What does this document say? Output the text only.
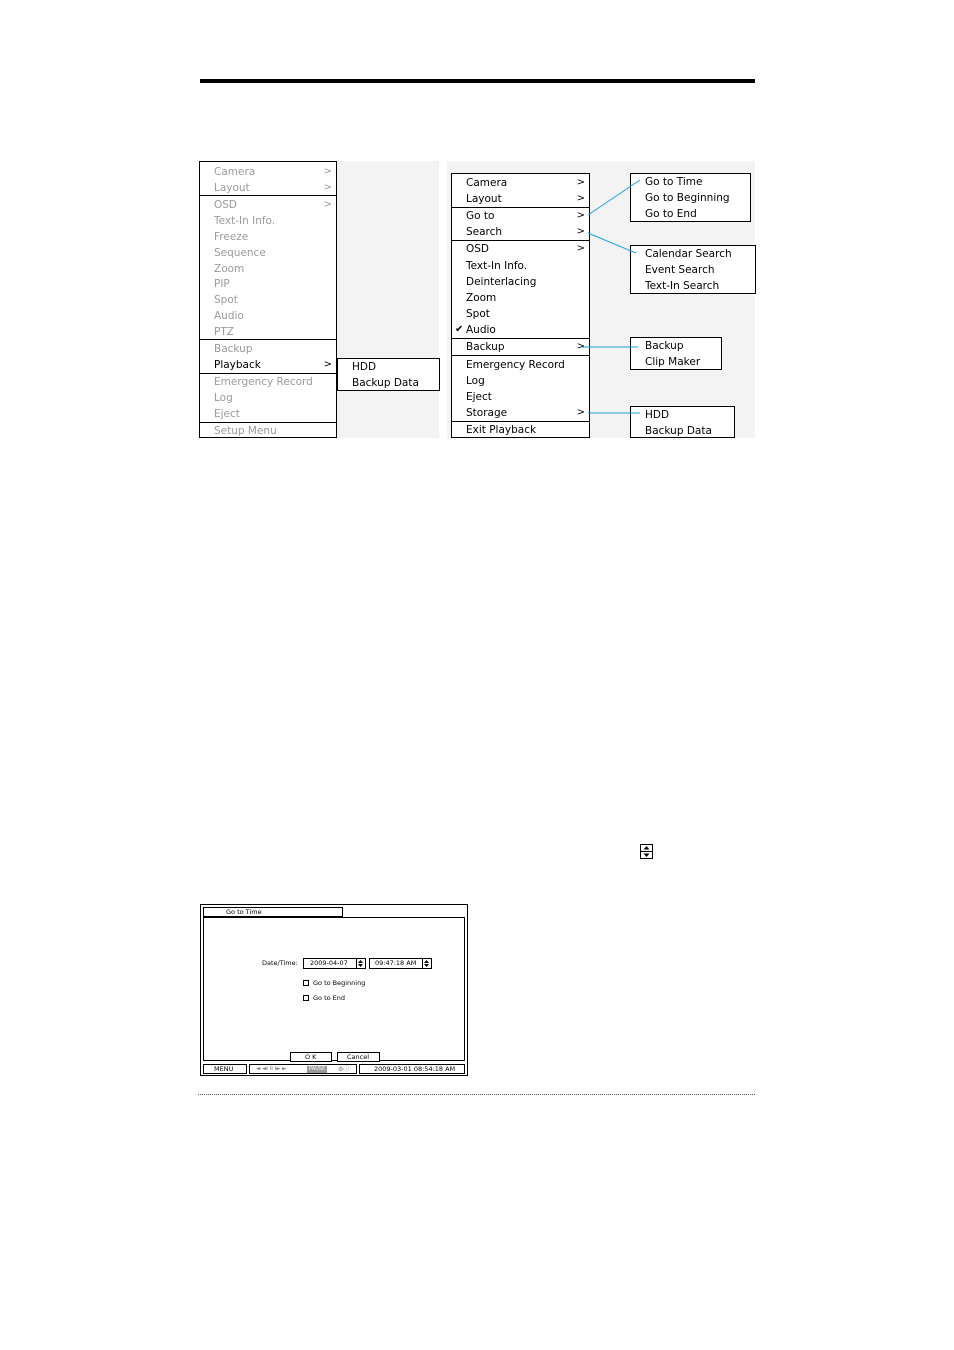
Camera	>
Layout	>
OSD	>
Text-In Info.
Freeze
Sequence
Zoom
PIP
Spot
Audio
PTZ
Backup
Playback	>
Emergency Record
Log
Eject
Setup Menu
HDD
Backup Data
Camera	>
Layout	>
Go to	>
Search	>
OSD	>
Text-In Info.
Deinterlacing
Zoom
Spot
✔ Audio
Backup	>
Emergency Record
Log
Eject
Storage	>
Exit Playback
Go to Time
Go to Beginning
Go to End
Calendar Search
Event Search
Text-In Search
Backup
Clip Maker
HDD
Backup Data
Go to Time
Date/Time: 2009-04-07	09:47:18 AM
Go to Beginning
Go to End
O K	Cancel
MENU	◄ ◄I II I► ►	PAUSE	⚙ⓘ	2009-03-01 08:54:18 AM
